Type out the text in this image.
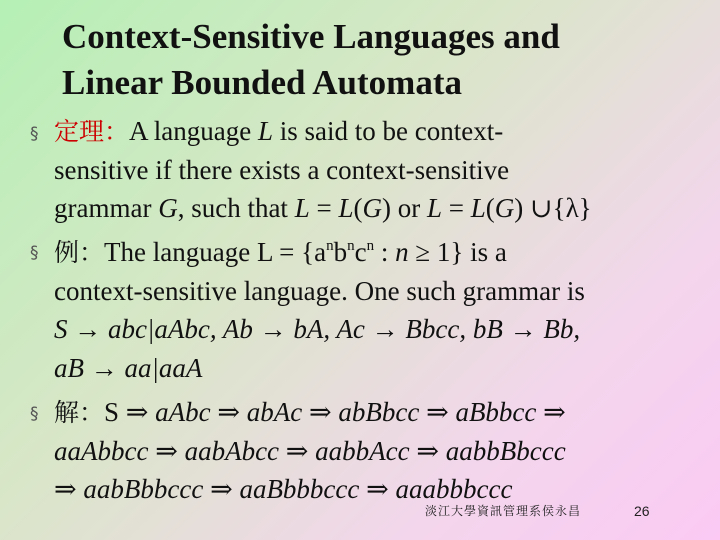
Context-Sensitive Languages and
Linear Bounded Automata
§ 定理：A language L is said to be context-
sensitive if there exists a context-sensitive
grammar G, such that L = L(G) or L = L(G) ∪{λ}
§ 例：The language $L = \{a^nb^nc^n$ : n ≥ 1} is a
context-sensitive language. One such grammar is
S → abc|aAbc, Ab → bA, Ac → Bbcc, bB → Bb,
aB → aa|aaA
§ 解：S ⇒ aAbc ⇒ abAc ⇒ abBbcc ⇒ aBbbcc ⇒
aaAbbcc ⇒ aabAbcc ⇒ aabbAcc ⇒ aabbBbccc
⇒ aabBbbccc ⇒ aaBbbbccc ⇒ aaabbbccc
淡江大學資訊管理系侯永昌	26
